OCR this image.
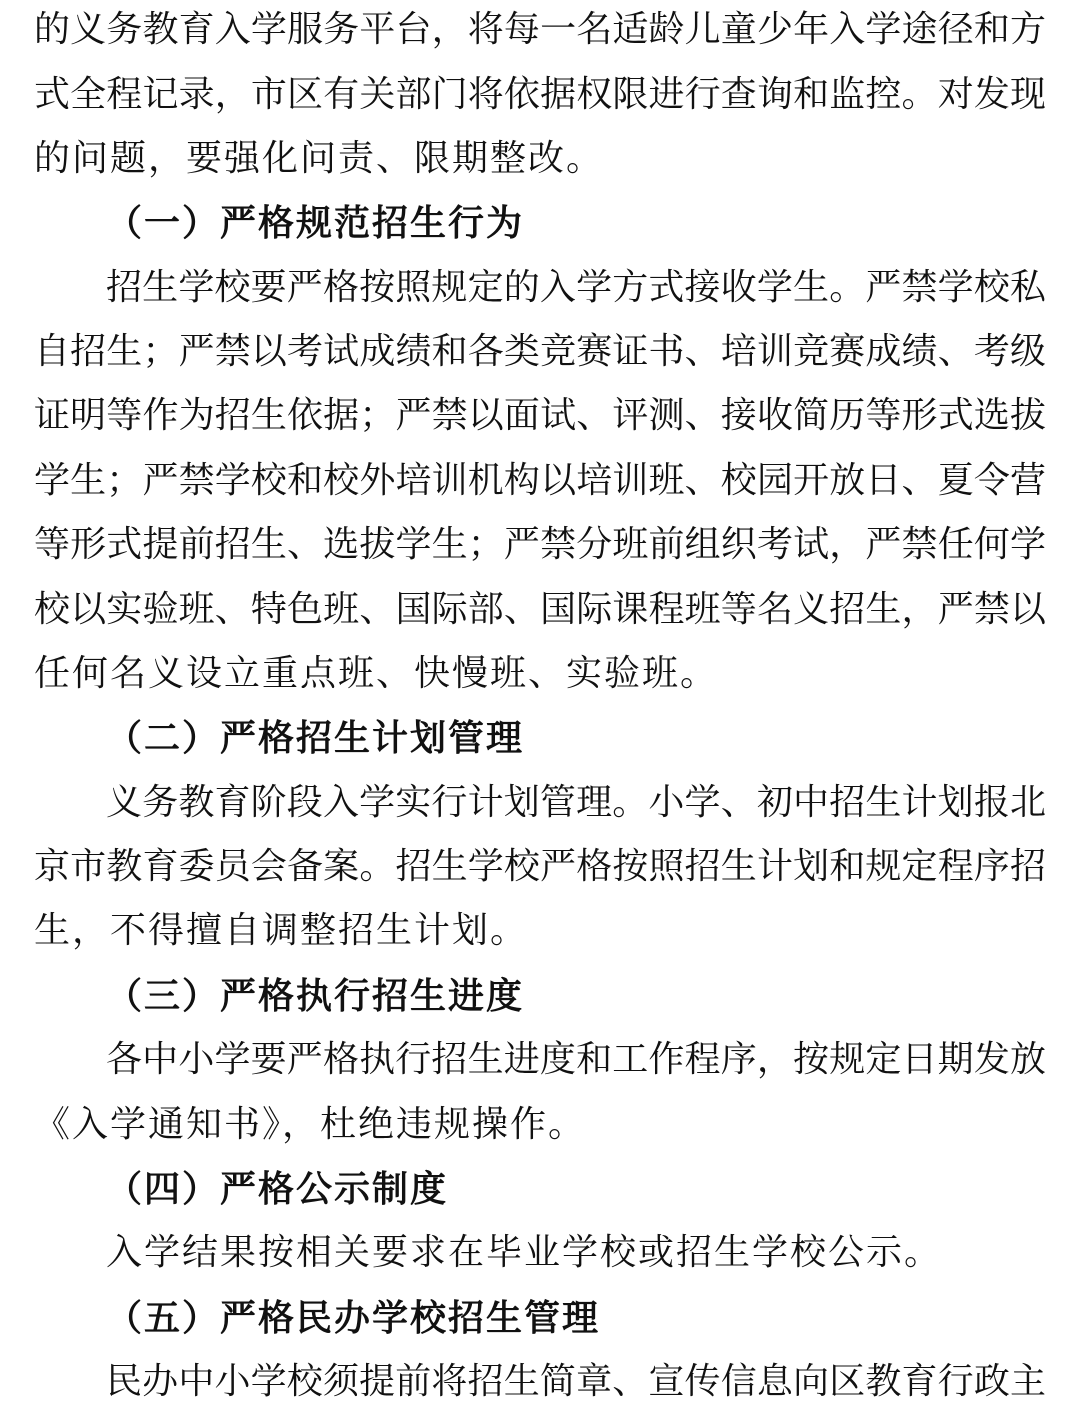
的义务教育入学服务平台，将每一名适龄儿童少年入学途径和方
式全程记录，市区有关部门将依据权限进行查询和监控。对发现
的问题，要强化问责、限期整改。
（一）严格规范招生行为
招生学校要严格按照规定的入学方式接收学生。严禁学校私
自招生；严禁以考试成绩和各类竞赛证书、培训竞赛成绩、考级
证明等作为招生依据；严禁以面试、评测、接收简历等形式选拔
学生；严禁学校和校外培训机构以培训班、校园开放日、夏令营
等形式提前招生、选拔学生；严禁分班前组织考试，严禁任何学
校以实验班、特色班、国际部、国际课程班等名义招生，严禁以
任何名义设立重点班、快慢班、实验班。
（二）严格招生计划管理
义务教育阶段入学实行计划管理。小学、初中招生计划报北
京市教育委员会备案。招生学校严格按照招生计划和规定程序招
生，不得擅自调整招生计划。
（三）严格执行招生进度
各中小学要严格执行招生进度和工作程序，按规定日期发放
《入学通知书》，杜绝违规操作。
（四）严格公示制度
入学结果按相关要求在毕业学校或招生学校公示。
（五）严格民办学校招生管理
民办中小学校须提前将招生简章、宣传信息向区教育行政主
